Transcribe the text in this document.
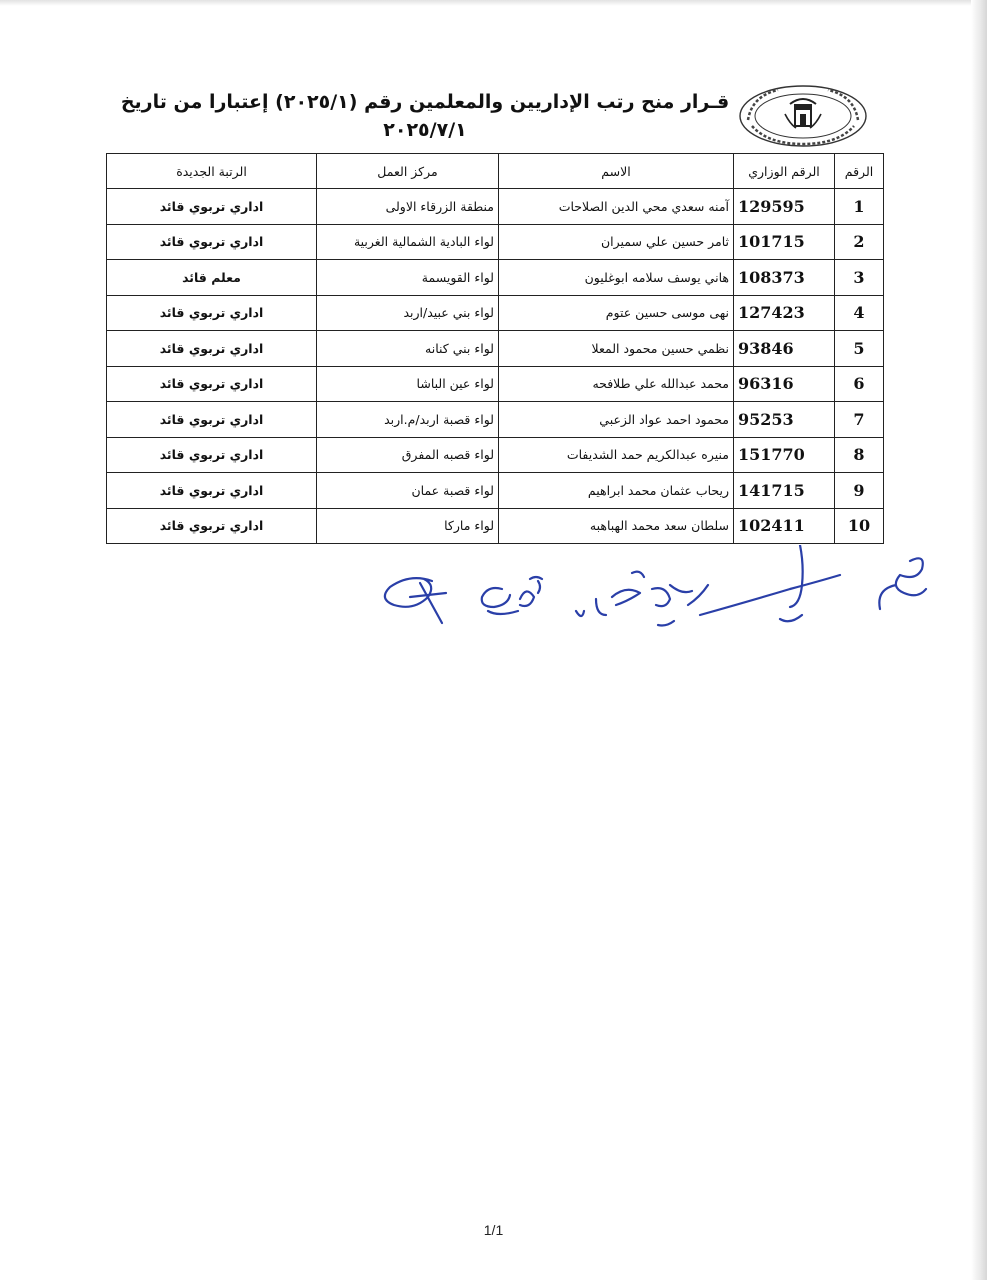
قـرار منح رتب الإداريين والمعلمين رقم (٢٠٢٥/١) إعتبارا من تاريخ
٢٠٢٥/٧/١
الرقم	الرقم الوزاري	الاسم	مركز العمل	الرتبة الجديدة
1	129595	آمنه سعدي محي الدين الصلاحات	منطقة الزرقاء الاولى	اداري تربوي قائد
2	101715	ثامر حسين علي سميران	لواء البادية الشمالية الغربية	اداري تربوي قائد
3	108373	هاني يوسف سلامه ابوغليون	لواء القويسمة	معلم قائد
4	127423	نهى موسى حسين عتوم	لواء بني عبيد/اربد	اداري تربوي قائد
5	93846	نظمي حسين محمود المعلا	لواء بني كنانه	اداري تربوي قائد
6	96316	محمد عبدالله علي طلافحه	لواء عين الباشا	اداري تربوي قائد
7	95253	محمود احمد عواد الزعبي	لواء قصبة اربد/م.اربد	اداري تربوي قائد
8	151770	منيره عبدالكريم حمد الشديفات	لواء قصبه المفرق	اداري تربوي قائد
9	141715	ريحاب عثمان محمد ابراهيم	لواء قصبة عمان	اداري تربوي قائد
10	102411	سلطان سعد محمد الهباهبه	لواء ماركا	اداري تربوي قائد
1/1
